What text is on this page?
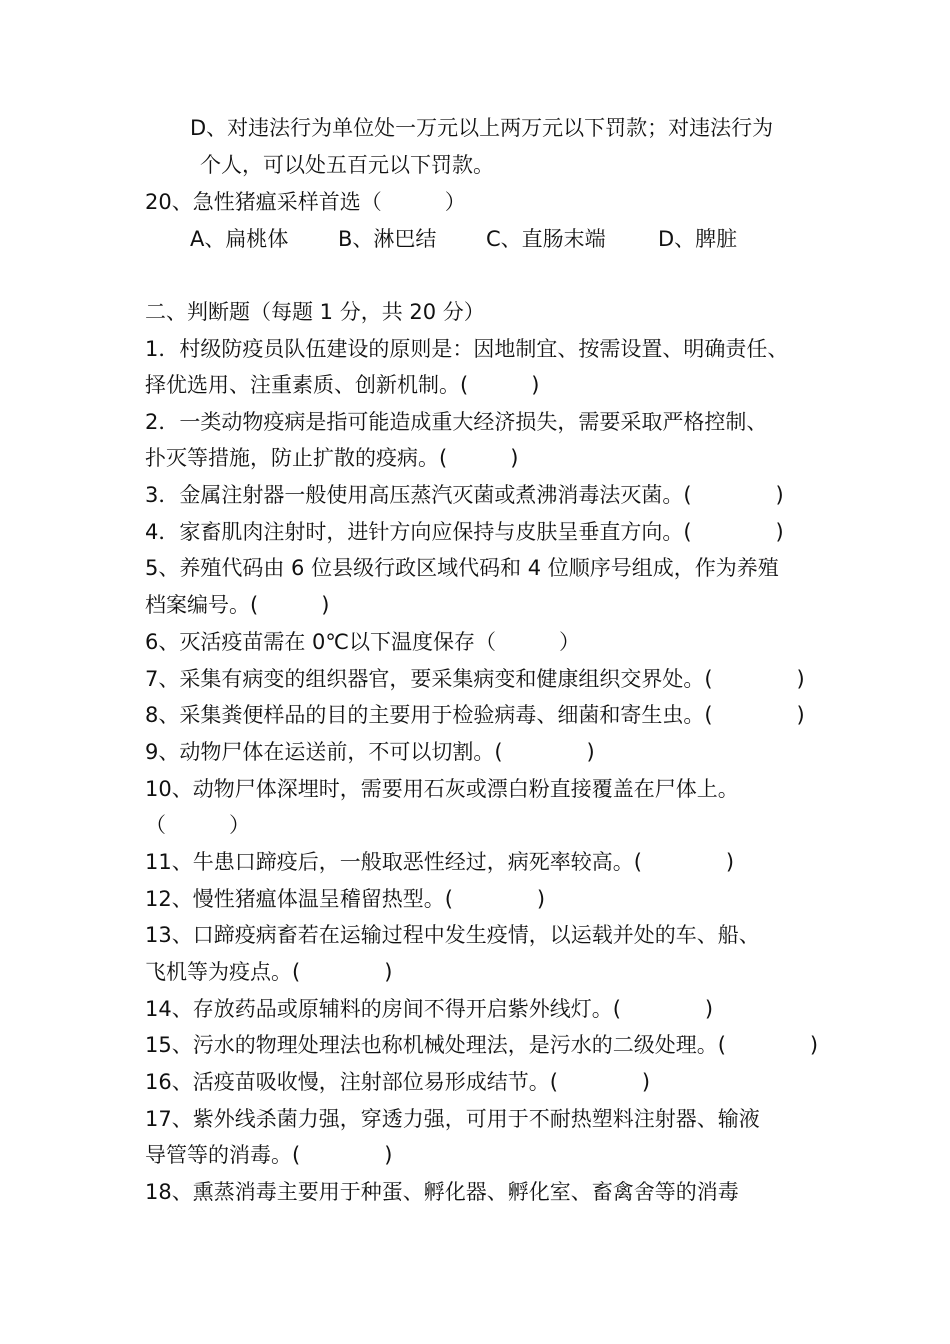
D、对违法行为单位处一万元以上两万元以下罚款；对违法行为
个人，可以处五百元以下罚款。
20、急性猪瘟采样首选（　　　）
A、扁桃体 B、淋巴结 C、直肠末端 D、脾脏
二、判断题（每题 1 分，共 20 分）
1．村级防疫员队伍建设的原则是：因地制宜、按需设置、明确责任、
择优选用、注重素质、创新机制。(　　　)
2．一类动物疫病是指可能造成重大经济损失，需要采取严格控制、
扑灭等措施，防止扩散的疫病。(　　　)
3．金属注射器一般使用高压蒸汽灭菌或煮沸消毒法灭菌。(　　　　)
4．家畜肌肉注射时，进针方向应保持与皮肤呈垂直方向。(　　　　)
5、养殖代码由 6 位县级行政区域代码和 4 位顺序号组成，作为养殖
档案编号。(　　　)
6、灭活疫苗需在 0℃以下温度保存（　　　）
7、采集有病变的组织器官，要采集病变和健康组织交界处。(　　　　)
8、采集粪便样品的目的主要用于检验病毒、细菌和寄生虫。(　　　　)
9、动物尸体在运送前，不可以切割。(　　　　)
10、动物尸体深埋时，需要用石灰或漂白粉直接覆盖在尸体上。
（　　　）
11、牛患口蹄疫后，一般取恶性经过，病死率较高。(　　　　)
12、慢性猪瘟体温呈稽留热型。(　　　　)
13、口蹄疫病畜若在运输过程中发生疫情，以运载并处的车、船、
飞机等为疫点。(　　　　)
14、存放药品或原辅料的房间不得开启紫外线灯。(　　　　)
15、污水的物理处理法也称机械处理法，是污水的二级处理。(　　　　)
16、活疫苗吸收慢，注射部位易形成结节。(　　　　)
17、紫外线杀菌力强，穿透力强，可用于不耐热塑料注射器、输液
导管等的消毒。(　　　　)
18、熏蒸消毒主要用于种蛋、孵化器、孵化室、畜禽舍等的消毒
